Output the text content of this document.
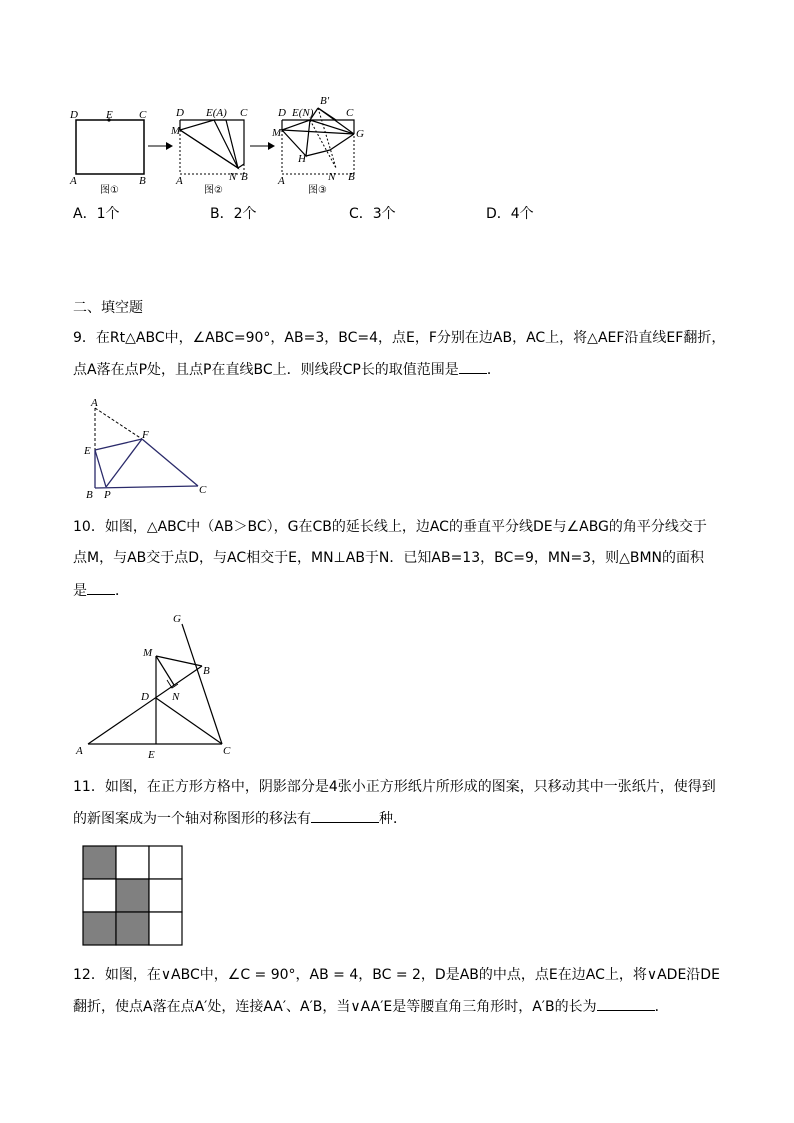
D	E C
A	B
图①
D E(A) C
M
A	N B
图②
D E(N)
B'
C
M	G
H
A	N B
图③
A．1个	B．2个	C．3个	D．4个
二、填空题
9．在Rt△ABC中，∠ABC=90°，AB=3，BC=4，点E，F分别在边AB，AC上，将△AEF沿直线EF翻折，
点A落在点P处，且点P在直线BC上．则线段CP长的取值范围是 ．
A
E
F
B P	C
10．如图，△ABC中（AB＞BC），G在CB的延长线上，边AC的垂直平分线DE与∠ABG的角平分线交于
点M，与AB交于点D，与AC相交于E，MN⊥AB于N．已知AB=13，BC=9，MN=3，则△BMN的面积
是 ．
G
M
B
D N
A	E	C
11．如图，在正方形方格中，阴影部分是4张小正方形纸片所形成的图案，只移动其中一张纸片，使得到
的新图案成为一个轴对称图形的移法有	种．
12．如图，在∨ABC中，∠C = 90°，AB = 4，BC = 2，D是AB的中点，点E在边AC上，将∨ADE沿DE
翻折，使点A落在点A′处，连接AA′、A′B，当∨AA′E是等腰直角三角形时，A′B的长为	．
